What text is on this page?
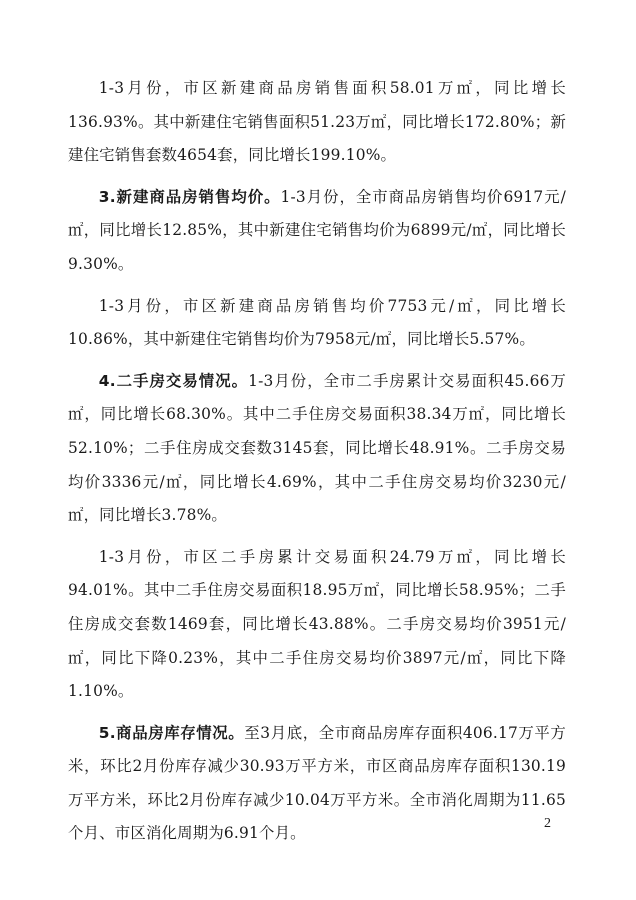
1-3月份，市区新建商品房销售面积58.01万㎡，同比增长136.93%。其中新建住宅销售面积51.23万㎡，同比增长172.80%；新建住宅销售套数4654套，同比增长199.10%。

3.新建商品房销售均价。1-3月份，全市商品房销售均价6917元/㎡，同比增长12.85%，其中新建住宅销售均价为6899元/㎡，同比增长9.30%。

1-3月份，市区新建商品房销售均价7753元/㎡，同比增长10.86%，其中新建住宅销售均价为7958元/㎡，同比增长5.57%。

4.二手房交易情况。1-3月份，全市二手房累计交易面积45.66万㎡，同比增长68.30%。其中二手住房交易面积38.34万㎡，同比增长52.10%；二手住房成交套数3145套，同比增长48.91%。二手房交易均价3336元/㎡，同比增长4.69%，其中二手住房交易均价3230元/㎡，同比增长3.78%。

1-3月份，市区二手房累计交易面积24.79万㎡，同比增长94.01%。其中二手住房交易面积18.95万㎡，同比增长58.95%；二手住房成交套数1469套，同比增长43.88%。二手房交易均价3951元/㎡，同比下降0.23%，其中二手住房交易均价3897元/㎡，同比下降1.10%。

5.商品房库存情况。至3月底，全市商品房库存面积406.17万平方米，环比2月份库存减少30.93万平方米，市区商品房库存面积130.19万平方米，环比2月份库存减少10.04万平方米。全市消化周期为11.65个月、市区消化周期为6.91个月。

2
